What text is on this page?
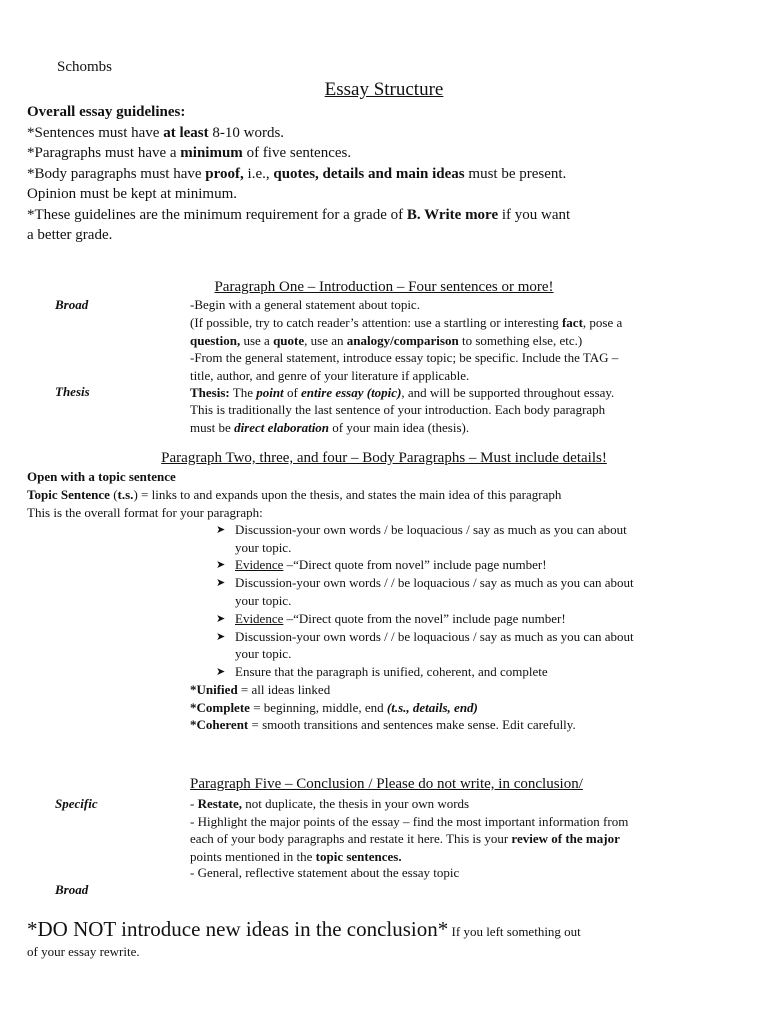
Schombs
Essay Structure
Overall essay guidelines:
*Sentences must have at least 8-10 words.
*Paragraphs must have a minimum of five sentences.
*Body paragraphs must have proof, i.e., quotes, details and main ideas must be present.
Opinion must be kept at minimum.
*These guidelines are the minimum requirement for a grade of B. Write more if you want
a better grade.
Paragraph One – Introduction – Four sentences or more!
Broad	-Begin with a general statement about topic.
(If possible, try to catch reader’s attention: use a startling or interesting fact, pose a
question, use a quote, use an analogy/comparison to something else, etc.)
-From the general statement, introduce essay topic; be specific. Include the TAG –
title, author, and genre of your literature if applicable.
Thesis	Thesis: The point of entire essay (topic), and will be supported throughout essay.
This is traditionally the last sentence of your introduction. Each body paragraph
must be direct elaboration of your main idea (thesis).
Paragraph Two, three, and four – Body Paragraphs – Must include details!
Open with a topic sentence
Topic Sentence (t.s.) = links to and expands upon the thesis, and states the main idea of this paragraph
This is the overall format for your paragraph:
➤ Discussion-your own words / be loquacious / say as much as you can about
your topic.
➤ Evidence –“Direct quote from novel” include page number!
➤ Discussion-your own words / / be loquacious / say as much as you can about
your topic.
➤ Evidence –“Direct quote from the novel” include page number!
➤ Discussion-your own words / / be loquacious / say as much as you can about
your topic.
➤ Ensure that the paragraph is unified, coherent, and complete
*Unified = all ideas linked
*Complete = beginning, middle, end (t.s., details, end)
*Coherent = smooth transitions and sentences make sense. Edit carefully.
Paragraph Five – Conclusion / Please do not write, in conclusion/
Specific	- Restate, not duplicate, the thesis in your own words
- Highlight the major points of the essay – find the most important information from
each of your body paragraphs and restate it here. This is your review of the major
points mentioned in the topic sentences.
- General, reflective statement about the essay topic
Broad
*DO NOT introduce new ideas in the conclusion* If you left something out
of your essay rewrite.
